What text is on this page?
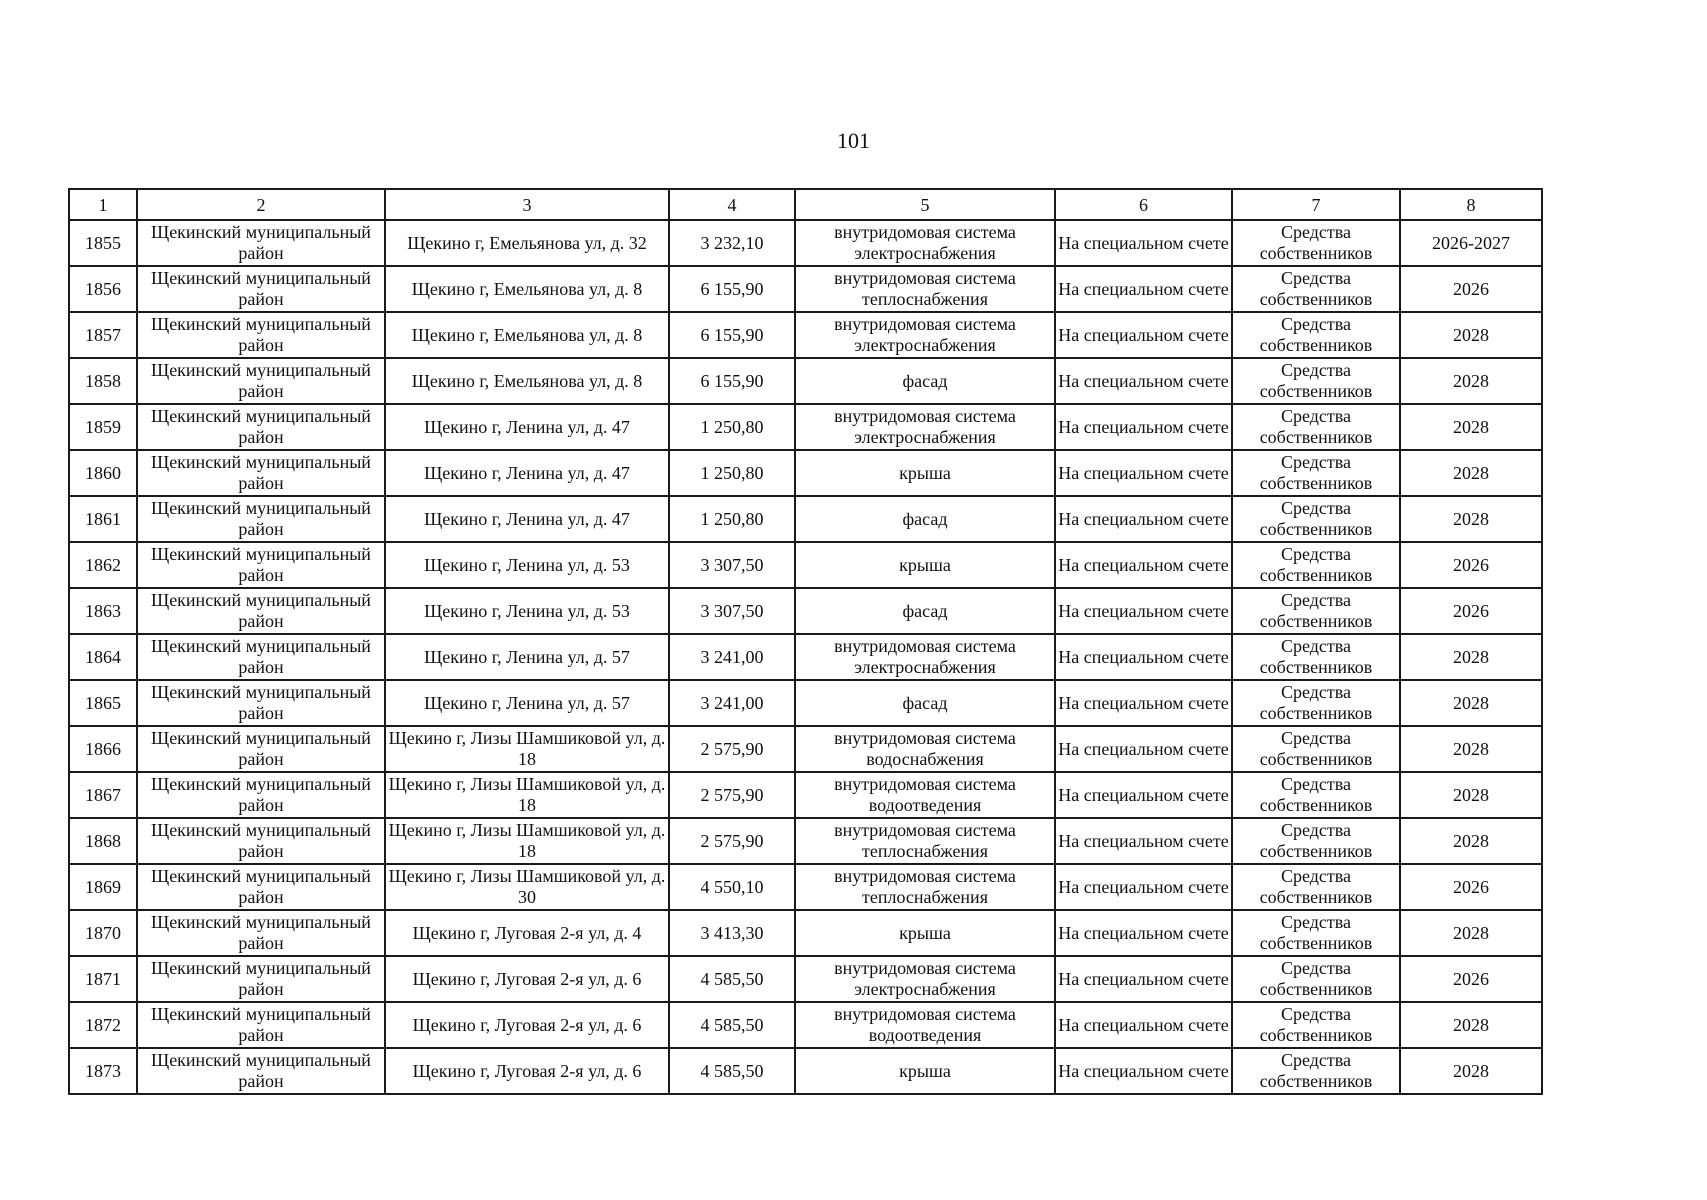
101
1	2	3	4	5	6	7	8
1855	Щекинский муниципальный район	Щекино г, Емельянова ул, д. 32	3 232,10	внутридомовая система электроснабжения	На специальном счете	Средства собственников	2026-2027
1856	Щекинский муниципальный район	Щекино г, Емельянова ул, д. 8	6 155,90	внутридомовая система теплоснабжения	На специальном счете	Средства собственников	2026
1857	Щекинский муниципальный район	Щекино г, Емельянова ул, д. 8	6 155,90	внутридомовая система электроснабжения	На специальном счете	Средства собственников	2028
1858	Щекинский муниципальный район	Щекино г, Емельянова ул, д. 8	6 155,90	фасад	На специальном счете	Средства собственников	2028
1859	Щекинский муниципальный район	Щекино г, Ленина ул, д. 47	1 250,80	внутридомовая система электроснабжения	На специальном счете	Средства собственников	2028
1860	Щекинский муниципальный район	Щекино г, Ленина ул, д. 47	1 250,80	крыша	На специальном счете	Средства собственников	2028
1861	Щекинский муниципальный район	Щекино г, Ленина ул, д. 47	1 250,80	фасад	На специальном счете	Средства собственников	2028
1862	Щекинский муниципальный район	Щекино г, Ленина ул, д. 53	3 307,50	крыша	На специальном счете	Средства собственников	2026
1863	Щекинский муниципальный район	Щекино г, Ленина ул, д. 53	3 307,50	фасад	На специальном счете	Средства собственников	2026
1864	Щекинский муниципальный район	Щекино г, Ленина ул, д. 57	3 241,00	внутридомовая система электроснабжения	На специальном счете	Средства собственников	2028
1865	Щекинский муниципальный район	Щекино г, Ленина ул, д. 57	3 241,00	фасад	На специальном счете	Средства собственников	2028
1866	Щекинский муниципальный район	Щекино г, Лизы Шамшиковой ул, д. 18	2 575,90	внутридомовая система водоснабжения	На специальном счете	Средства собственников	2028
1867	Щекинский муниципальный район	Щекино г, Лизы Шамшиковой ул, д. 18	2 575,90	внутридомовая система водоотведения	На специальном счете	Средства собственников	2028
1868	Щекинский муниципальный район	Щекино г, Лизы Шамшиковой ул, д. 18	2 575,90	внутридомовая система теплоснабжения	На специальном счете	Средства собственников	2028
1869	Щекинский муниципальный район	Щекино г, Лизы Шамшиковой ул, д. 30	4 550,10	внутридомовая система теплоснабжения	На специальном счете	Средства собственников	2026
1870	Щекинский муниципальный район	Щекино г, Луговая 2-я ул, д. 4	3 413,30	крыша	На специальном счете	Средства собственников	2028
1871	Щекинский муниципальный район	Щекино г, Луговая 2-я ул, д. 6	4 585,50	внутридомовая система электроснабжения	На специальном счете	Средства собственников	2026
1872	Щекинский муниципальный район	Щекино г, Луговая 2-я ул, д. 6	4 585,50	внутридомовая система водоотведения	На специальном счете	Средства собственников	2028
1873	Щекинский муниципальный район	Щекино г, Луговая 2-я ул, д. 6	4 585,50	крыша	На специальном счете	Средства собственников	2028
